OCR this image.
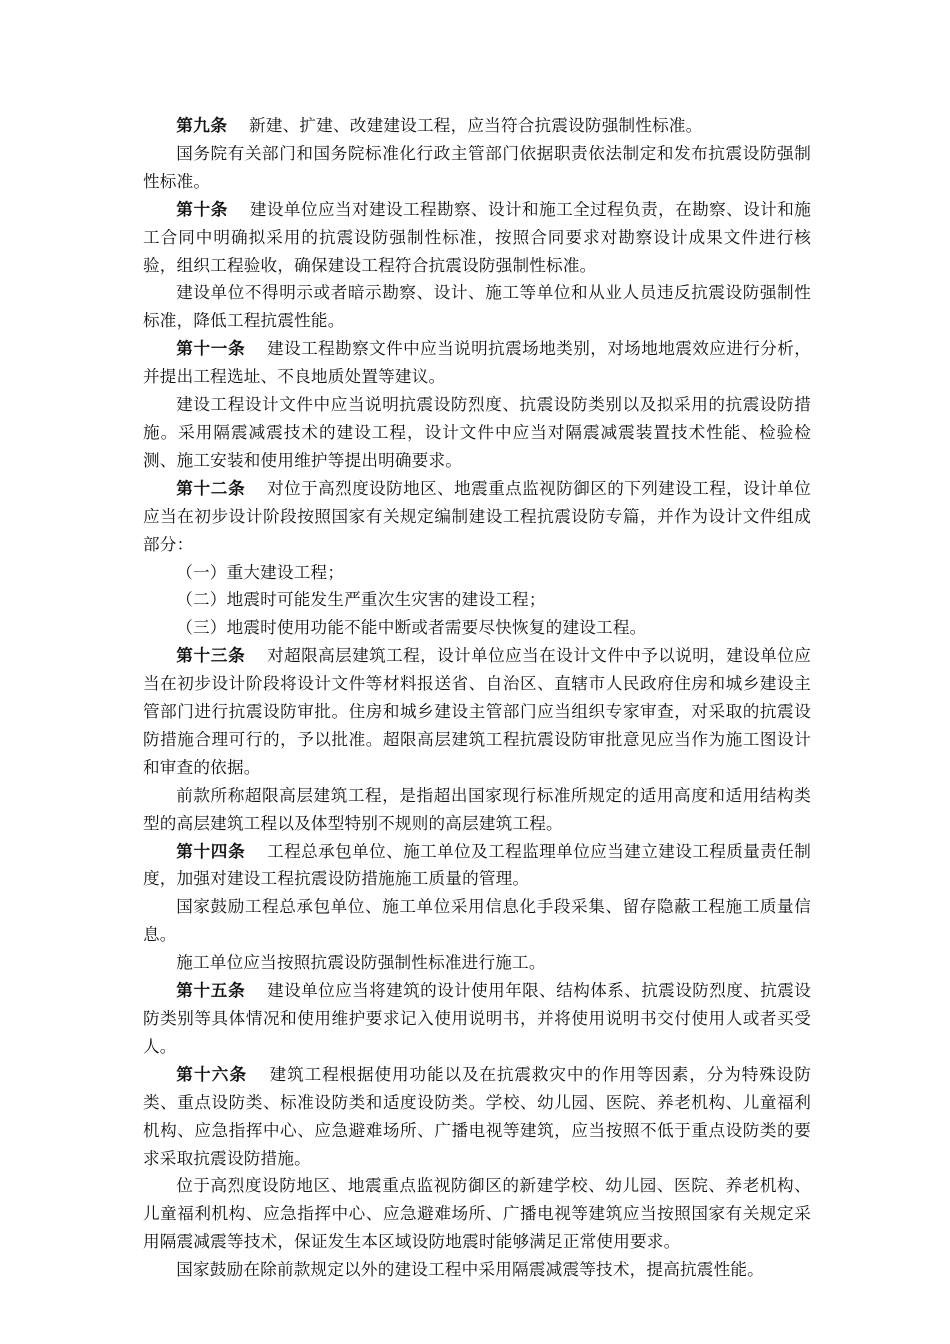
第九条 新建、扩建、改建建设工程，应当符合抗震设防强制性标准。

国务院有关部门和国务院标准化行政主管部门依据职责依法制定和发布抗震设防强制性标准。

第十条 建设单位应当对建设工程勘察、设计和施工全过程负责，在勘察、设计和施工合同中明确拟采用的抗震设防强制性标准，按照合同要求对勘察设计成果文件进行核验，组织工程验收，确保建设工程符合抗震设防强制性标准。

建设单位不得明示或者暗示勘察、设计、施工等单位和从业人员违反抗震设防强制性标准，降低工程抗震性能。

第十一条 建设工程勘察文件中应当说明抗震场地类别，对场地地震效应进行分析，并提出工程选址、不良地质处置等建议。

建设工程设计文件中应当说明抗震设防烈度、抗震设防类别以及拟采用的抗震设防措施。采用隔震减震技术的建设工程，设计文件中应当对隔震减震装置技术性能、检验检测、施工安装和使用维护等提出明确要求。

第十二条 对位于高烈度设防地区、地震重点监视防御区的下列建设工程，设计单位应当在初步设计阶段按照国家有关规定编制建设工程抗震设防专篇，并作为设计文件组成部分：

（一）重大建设工程；

（二）地震时可能发生严重次生灾害的建设工程；

（三）地震时使用功能不能中断或者需要尽快恢复的建设工程。

第十三条 对超限高层建筑工程，设计单位应当在设计文件中予以说明，建设单位应当在初步设计阶段将设计文件等材料报送省、自治区、直辖市人民政府住房和城乡建设主管部门进行抗震设防审批。住房和城乡建设主管部门应当组织专家审查，对采取的抗震设防措施合理可行的，予以批准。超限高层建筑工程抗震设防审批意见应当作为施工图设计和审查的依据。

前款所称超限高层建筑工程，是指超出国家现行标准所规定的适用高度和适用结构类型的高层建筑工程以及体型特别不规则的高层建筑工程。

第十四条 工程总承包单位、施工单位及工程监理单位应当建立建设工程质量责任制度，加强对建设工程抗震设防措施施工质量的管理。

国家鼓励工程总承包单位、施工单位采用信息化手段采集、留存隐蔽工程施工质量信息。

施工单位应当按照抗震设防强制性标准进行施工。

第十五条 建设单位应当将建筑的设计使用年限、结构体系、抗震设防烈度、抗震设防类别等具体情况和使用维护要求记入使用说明书，并将使用说明书交付使用人或者买受人。

第十六条 建筑工程根据使用功能以及在抗震救灾中的作用等因素，分为特殊设防类、重点设防类、标准设防类和适度设防类。学校、幼儿园、医院、养老机构、儿童福利机构、应急指挥中心、应急避难场所、广播电视等建筑，应当按照不低于重点设防类的要求采取抗震设防措施。

位于高烈度设防地区、地震重点监视防御区的新建学校、幼儿园、医院、养老机构、儿童福利机构、应急指挥中心、应急避难场所、广播电视等建筑应当按照国家有关规定采用隔震减震等技术，保证发生本区域设防地震时能够满足正常使用要求。

国家鼓励在除前款规定以外的建设工程中采用隔震减震等技术，提高抗震性能。
